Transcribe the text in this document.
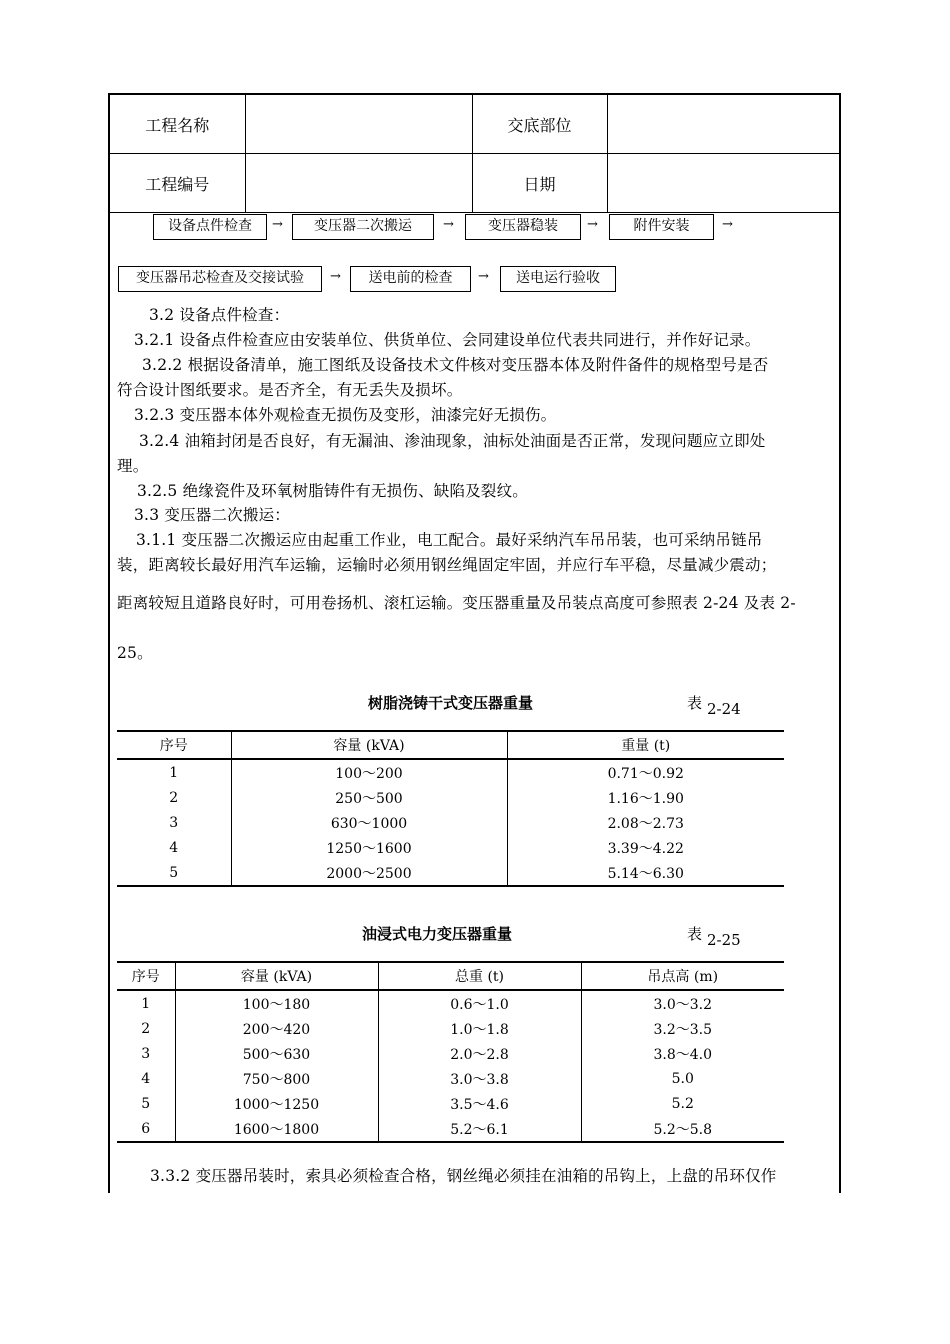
工程名称		交底部位	
工程编号		日期	
设备点件检查	→	变压器二次搬运	→	变压器稳装	→	附件安装	→
变压器吊芯检查及交接试验	→	送电前的检查	→	送电运行验收
3.2 设备点件检查：
3.2.1 设备点件检查应由安装单位、供货单位、会同建设单位代表共同进行，并作好记录。
3.2.2 根据设备清单，施工图纸及设备技术文件核对变压器本体及附件备件的规格型号是否
符合设计图纸要求。是否齐全，有无丢失及损坏。
3.2.3 变压器本体外观检查无损伤及变形，油漆完好无损伤。
3.2.4 油箱封闭是否良好，有无漏油、渗油现象，油标处油面是否正常，发现问题应立即处
理。
3.2.5 绝缘瓷件及环氧树脂铸件有无损伤、缺陷及裂纹。
3.3 变压器二次搬运：
3.1.1 变压器二次搬运应由起重工作业，电工配合。最好采纳汽车吊吊装，也可采纳吊链吊
装，距离较长最好用汽车运输，运输时必须用钢丝绳固定牢固，并应行车平稳，尽量减少震动；
距离较短且道路良好时，可用卷扬机、滚杠运输。变压器重量及吊装点高度可参照表 2-24 及表 2-
25。
树脂浇铸干式变压器重量	表 2-24
序号	容量 (kVA)	重量 (t)
1	100～200	0.71～0.92
2	250～500	1.16～1.90
3	630～1000	2.08～2.73
4	1250～1600	3.39～4.22
5	2000～2500	5.14～6.30
油浸式电力变压器重量	表 2-25
序号	容量 (kVA)	总重 (t)	吊点高 (m)
1	100～180	0.6～1.0	3.0～3.2
2	200～420	1.0～1.8	3.2～3.5
3	500～630	2.0～2.8	3.8～4.0
4	750～800	3.0～3.8	5.0
5	1000～1250	3.5～4.6	5.2
6	1600～1800	5.2～6.1	5.2～5.8
3.3.2 变压器吊装时，索具必须检查合格，钢丝绳必须挂在油箱的吊钩上，上盘的吊环仅作
